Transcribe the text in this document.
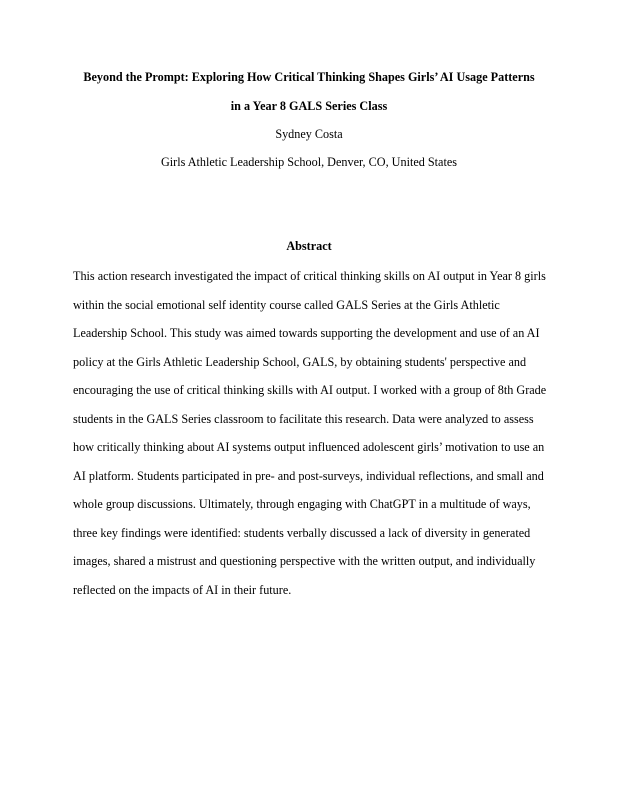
Beyond the Prompt: Exploring How Critical Thinking Shapes Girls’ AI Usage Patterns
in a Year 8 GALS Series Class
Sydney Costa
Girls Athletic Leadership School, Denver, CO, United States
Abstract

This action research investigated the impact of critical thinking skills on AI output in Year 8 girls
within the social emotional self identity course called GALS Series at the Girls Athletic
Leadership School. This study was aimed towards supporting the development and use of an AI
policy at the Girls Athletic Leadership School, GALS, by obtaining students' perspective and
encouraging the use of critical thinking skills with AI output. I worked with a group of 8th Grade
students in the GALS Series classroom to facilitate this research. Data were analyzed to assess
how critically thinking about AI systems output influenced adolescent girls’ motivation to use an
AI platform. Students participated in pre- and post-surveys, individual reflections, and small and
whole group discussions. Ultimately, through engaging with ChatGPT in a multitude of ways,
three key findings were identified: students verbally discussed a lack of diversity in generated
images, shared a mistrust and questioning perspective with the written output, and individually
reflected on the impacts of AI in their future.
